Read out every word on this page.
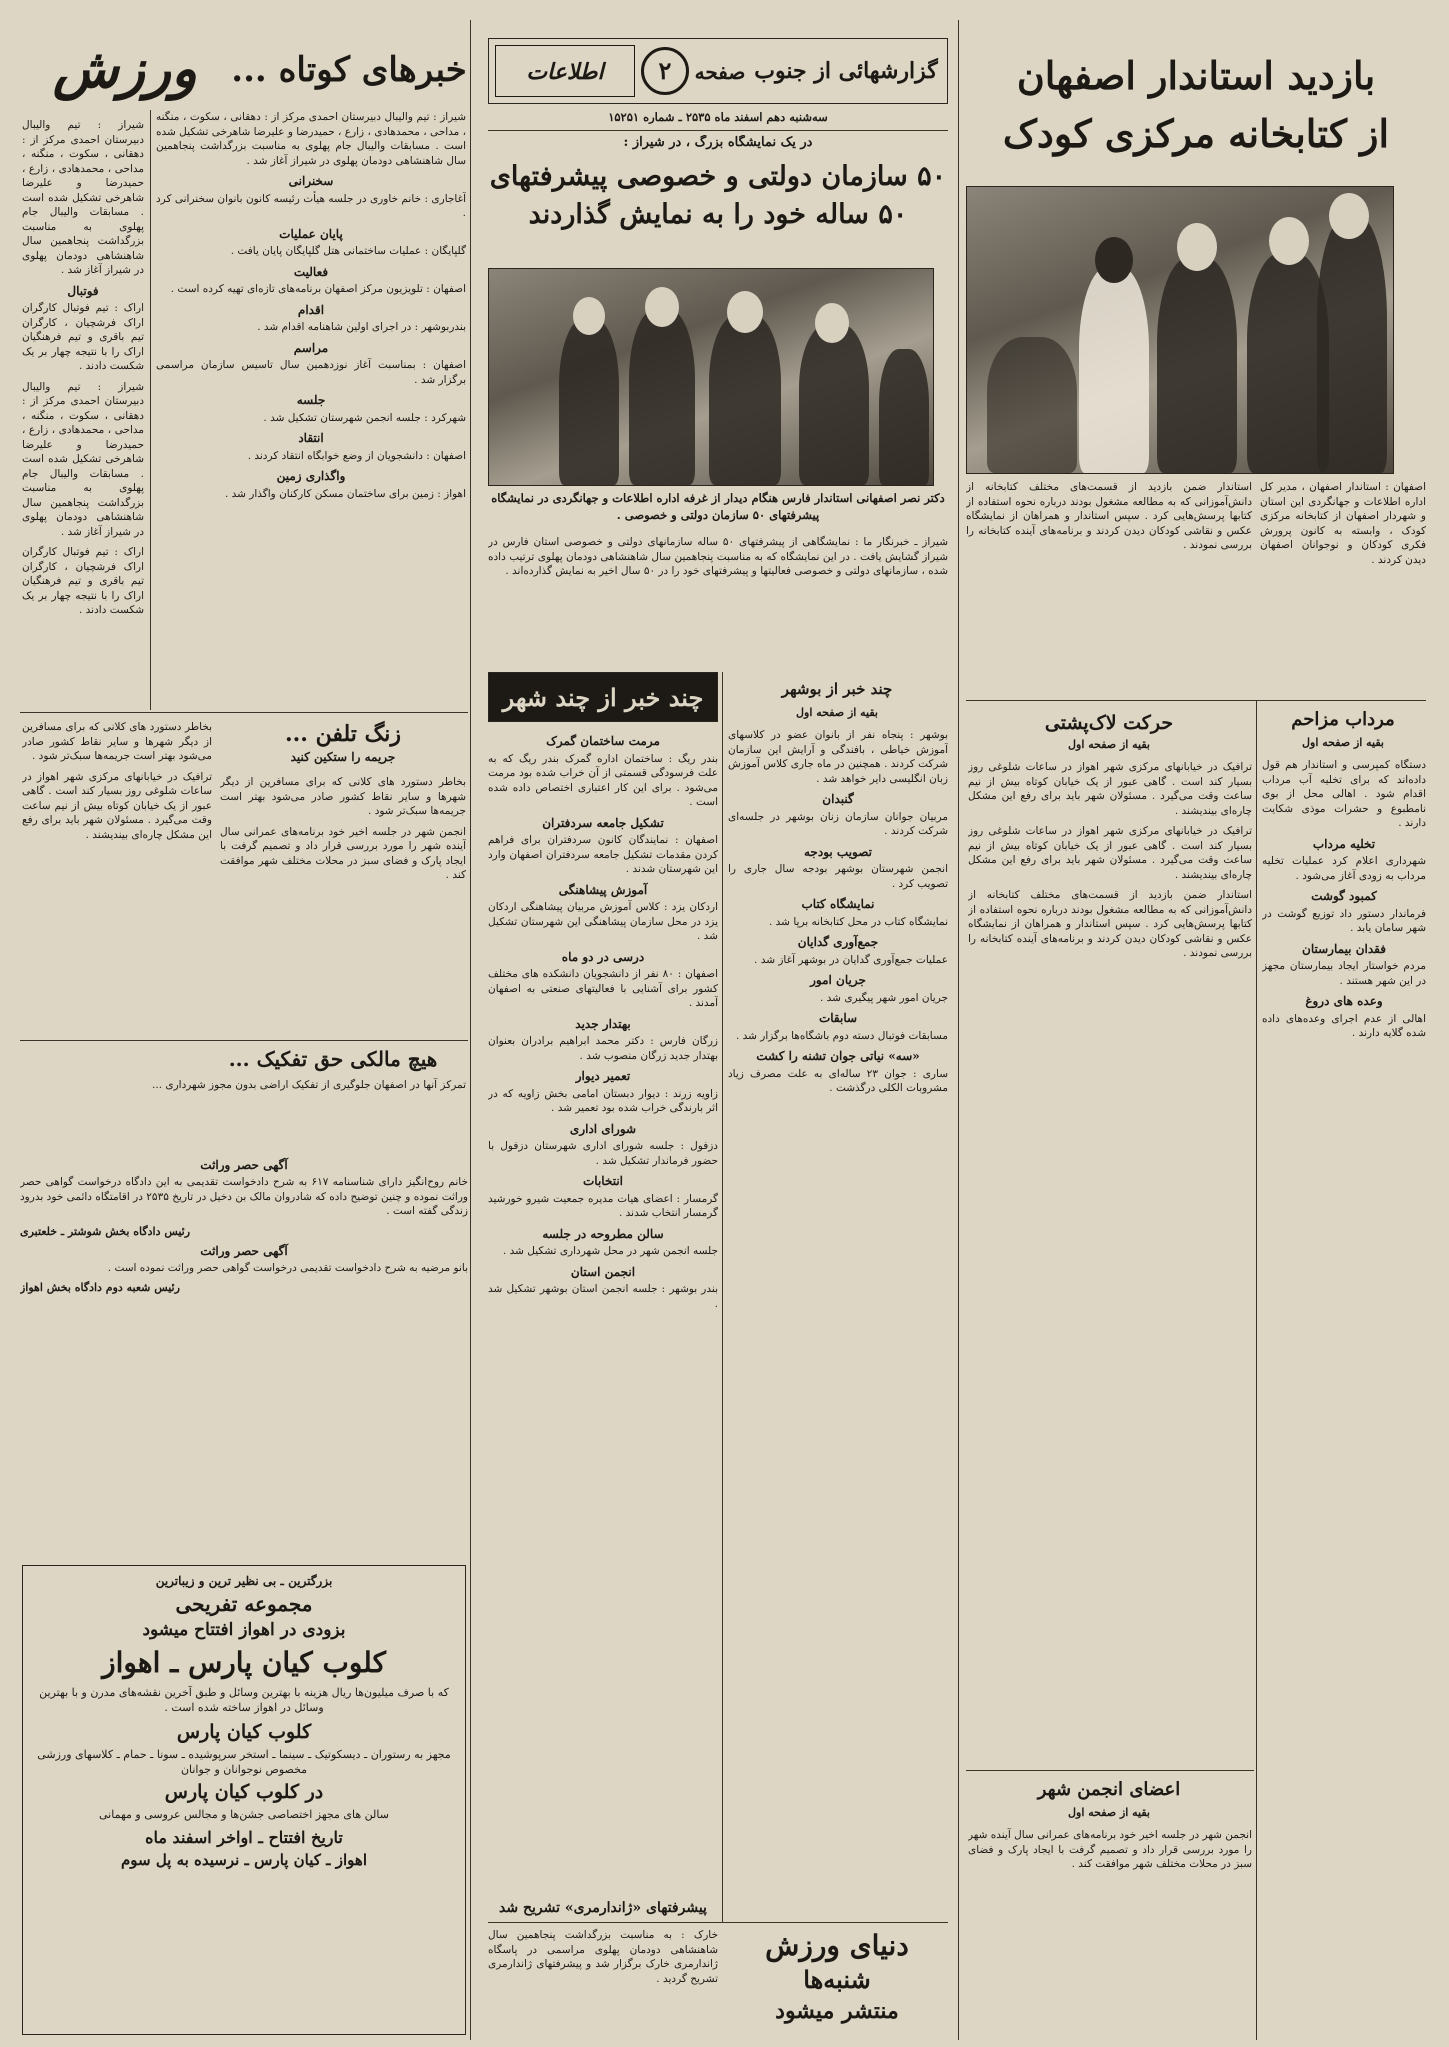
ورزش	خبرهای کوتاه ...

شیراز : تیم والیبال دبیرستان احمدی مرکز از : دهقانی ، سکوت ، منگنه ، مداحی ، محمدهادی ، زارع ، حمیدرضا و علیرضا شاهرخی تشکیل شده است . مسابقات والیبال جام پهلوی به مناسبت بزرگداشت پنجاهمین سال شاهنشاهی دودمان پهلوی در شیراز آغاز شد .

فوتبال

اراک : تیم فوتبال کارگران اراک فرشچیان ، کارگران تیم باقری و تیم فرهنگیان اراک را با نتیجه چهار بر یک شکست دادند .

شیراز : تیم والیبال دبیرستان احمدی مرکز از : دهقانی ، سکوت ، منگنه ، مداحی ، محمدهادی ، زارع ، حمیدرضا و علیرضا شاهرخی تشکیل شده است . مسابقات والیبال جام پهلوی به مناسبت بزرگداشت پنجاهمین سال شاهنشاهی دودمان پهلوی در شیراز آغاز شد .

اراک : تیم فوتبال کارگران اراک فرشچیان ، کارگران تیم باقری و تیم فرهنگیان اراک را با نتیجه چهار بر یک شکست دادند .

شیراز : تیم والیبال دبیرستان احمدی مرکز از : دهقانی ، سکوت ، منگنه ، مداحی ، محمدهادی ، زارع ، حمیدرضا و علیرضا شاهرخی تشکیل شده است . مسابقات والیبال جام پهلوی به مناسبت بزرگداشت پنجاهمین سال شاهنشاهی دودمان پهلوی در شیراز آغاز شد .

سخنرانی

آغاجاری : خانم خاوری در جلسه هیأت رئیسه کانون بانوان سخنرانی کرد .

پایان عملیات

گلپایگان : عملیات ساختمانی هتل گلپایگان پایان یافت .

فعالیت

اصفهان : تلویزیون مرکز اصفهان برنامه‌های تازه‌ای تهیه کرده است .

اقدام

بندربوشهر : در اجرای اولین شاهنامه اقدام شد .

مراسم

اصفهان : بمناسبت آغاز نوزدهمین سال تاسیس سازمان مراسمی برگزار شد .

جلسه

شهرکرد : جلسه انجمن شهرستان تشکیل شد .

انتقاد

اصفهان : دانشجویان از وضع خوابگاه انتقاد کردند .

واگذاری زمین

اهواز : زمین برای ساختمان مسکن کارکنان واگذار شد .

زنگ تلفن ...
جریمه را ستکین کنید

بخاطر دستورد های کلانی که برای مسافرین از دیگر شهرها و سایر نقاط کشور صادر می‌شود بهتر است جریمه‌ها سبک‌تر شود .

ترافیک در خیابانهای مرکزی شهر اهواز در ساعات شلوغی روز بسیار کند است . گاهی عبور از یک خیابان کوتاه بیش از نیم ساعت وقت می‌گیرد . مسئولان شهر باید برای رفع این مشکل چاره‌ای بیندیشند .

بخاطر دستورد های کلانی که برای مسافرین از دیگر شهرها و سایر نقاط کشور صادر می‌شود بهتر است جریمه‌ها سبک‌تر شود .

انجمن شهر در جلسه اخیر خود برنامه‌های عمرانی سال آینده شهر را مورد بررسی قرار داد و تصمیم گرفت با ایجاد پارک و فضای سبز در محلات مختلف شهر موافقت کند .

هیچ مالکی حق تفکیک ...

تمرکز آنها در اصفهان جلوگیری از تفکیک اراضی بدون مجوز شهرداری ...

آگهی حصر وراثت

خانم روح‌انگیز دارای شناسنامه ۶۱۷ به شرح دادخواست تقدیمی به این دادگاه درخواست گواهی حصر وراثت نموده و چنین توضیح داده که شادروان مالک بن دخیل در تاریخ ۲۵۳۵ در اقامتگاه دائمی خود بدرود زندگی گفته است .

رئیس دادگاه بخش شوشتر ـ خلعتبری
آگهی حصر وراثت

بانو مرضیه به شرح دادخواست تقدیمی درخواست گواهی حصر وراثت نموده است .

رئیس شعبه دوم دادگاه بخش اهواز
بزرگترین ـ بی نظیر ترین و زیباترین
مجموعه تفریحی
بزودی در اهواز افتتاح میشود
کلوب کیان پارس ـ اهواز
که با صرف میلیون‌ها ریال هزینه با بهترین وسائل و طبق آخرین نقشه‌های مدرن و با بهترین وسائل در اهواز ساخته شده است .
کلوب کیان پارس
مجهز به رستوران ـ دیسکوتیک ـ سینما ـ استخر سرپوشیده ـ سونا ـ حمام ـ کلاسهای ورزشی مخصوص نوجوانان و جوانان
در کلوب کیان پارس
سالن های مجهز اختصاصی جشن‌ها و مجالس عروسی و مهمانی
تاریخ افتتاح ـ اواخر اسفند ماه
اهواز ـ کیان پارس ـ نرسیده به پل سوم
گزارشهائی از جنوب
صفحه
۲
اطلاعات
سه‌شنبه دهم اسفند ماه ۲۵۳۵ ـ شماره ۱۵۲۵۱
در یک نمایشگاه بزرگ ، در شیراز :
۵۰ سازمان دولتی و خصوصی پیشرفتهای
۵۰ ساله خود را به نمایش گذاردند
دکتر نصر اصفهانی استاندار فارس هنگام دیدار از غرفه اداره اطلاعات و جهانگردی در نمایشگاه پیشرفتهای ۵۰ سازمان دولتی و خصوصی .

شیراز ـ خبرنگار ما : نمایشگاهی از پیشرفتهای ۵۰ ساله سازمانهای دولتی و خصوصی استان فارس در شیراز گشایش یافت . در این نمایشگاه که به مناسبت پنجاهمین سال شاهنشاهی دودمان پهلوی ترتیب داده شده ، سازمانهای دولتی و خصوصی فعالیتها و پیشرفتهای خود را در ۵۰ سال اخیر به نمایش گذارده‌اند .

چند خبر از چند شهر
مرمت ساختمان گمرک

بندر ریگ : ساختمان اداره گمرک بندر ریگ که به علت فرسودگی قسمتی از آن خراب شده بود مرمت می‌شود . برای این کار اعتباری اختصاص داده شده است .

تشکیل جامعه سردفتران

اصفهان : نمایندگان کانون سردفتران برای فراهم کردن مقدمات تشکیل جامعه سردفتران اصفهان وارد این شهرستان شدند .

آموزش پیشاهنگی

اردکان یزد : کلاس آموزش مربیان پیشاهنگی اردکان یزد در محل سازمان پیشاهنگی این شهرستان تشکیل شد .

درسی در دو ماه

اصفهان : ۸۰ نفر از دانشجویان دانشکده های مختلف کشور برای آشنایی با فعالیتهای صنعتی به اصفهان آمدند .

بهتدار جدید

زرگان فارس : دکتر محمد ابراهیم برادران بعنوان بهتدار جدید زرگان منصوب شد .

تعمیر دیوار

زاویه زرند : دیوار دبستان امامی بخش زاویه که در اثر بارندگی خراب شده بود تعمیر شد .

شورای اداری

دزفول : جلسه شورای اداری شهرستان دزفول با حضور فرماندار تشکیل شد .

انتخابات

گرمسار : اعضای هیات مدیره جمعیت شیرو خورشید گرمسار انتخاب شدند .

سالن مطروحه در جلسه

جلسه انجمن شهر در محل شهرداری تشکیل شد .

انجمن استان

بندر بوشهر : جلسه انجمن استان بوشهر تشکیل شد .

چند خبر از بوشهر
بقیه از صفحه اول

بوشهر : پنجاه نفر از بانوان عضو در کلاسهای آموزش خیاطی ، بافندگی و آرایش این سازمان شرکت کردند . همچنین در ماه جاری کلاس آموزش زبان انگلیسی دایر خواهد شد .

گنبدان

مربیان جوانان سازمان زنان بوشهر در جلسه‌ای شرکت کردند .

تصویب بودجه

انجمن شهرستان بوشهر بودجه سال جاری را تصویب کرد .

نمایشگاه کتاب

نمایشگاه کتاب در محل کتابخانه برپا شد .

جمع‌آوری گدایان

عملیات جمع‌آوری گدایان در بوشهر آغاز شد .

جریان امور

جریان امور شهر پیگیری شد .

سابقات

مسابقات فوتبال دسته دوم باشگاه‌ها برگزار شد .

«سه» نیاتی جوان تشنه را کشت

ساری : جوان ۲۳ ساله‌ای به علت مصرف زیاد مشروبات الکلی درگذشت .

پیشرفتهای «ژاندارمری» تشریح شد

خارک : به مناسبت بزرگداشت پنجاهمین سال شاهنشاهی دودمان پهلوی مراسمی در پاسگاه ژاندارمری خارک برگزار شد و پیشرفتهای ژاندارمری تشریح گردید .

دنیای ورزش
شنبه‌ها
منتشر میشود
بازدید استاندار اصفهان
از کتابخانه مرکزی کودک

اصفهان : استاندار اصفهان ، مدیر کل اداره اطلاعات و جهانگردی این استان و شهردار اصفهان از کتابخانه مرکزی کودک ، وابسته به کانون پرورش فکری کودکان و نوجوانان اصفهان دیدن کردند .

استاندار ضمن بازدید از قسمت‌های مختلف کتابخانه از دانش‌آموزانی که به مطالعه مشغول بودند درباره نحوه استفاده از کتابها پرسش‌هایی کرد . سپس استاندار و همراهان از نمایشگاه عکس و نقاشی کودکان دیدن کردند و برنامه‌های آینده کتابخانه را بررسی نمودند .

مرداب مزاحم
بقیه از صفحه اول

دستگاه کمپرسی و استاندار هم قول داده‌اند که برای تخلیه آب مرداب اقدام شود . اهالی محل از بوی نامطبوع و حشرات موذی شکایت دارند .

تخلیه مرداب

شهرداری اعلام کرد عملیات تخلیه مرداب به زودی آغاز می‌شود .

کمبود گوشت

فرماندار دستور داد توزیع گوشت در شهر سامان یابد .

فقدان بیمارستان

مردم خواستار ایجاد بیمارستان مجهز در این شهر هستند .

وعده های دروغ

اهالی از عدم اجرای وعده‌های داده شده گلایه دارند .

حرکت لاک‌پشتی
بقیه از صفحه اول

ترافیک در خیابانهای مرکزی شهر اهواز در ساعات شلوغی روز بسیار کند است . گاهی عبور از یک خیابان کوتاه بیش از نیم ساعت وقت می‌گیرد . مسئولان شهر باید برای رفع این مشکل چاره‌ای بیندیشند .

ترافیک در خیابانهای مرکزی شهر اهواز در ساعات شلوغی روز بسیار کند است . گاهی عبور از یک خیابان کوتاه بیش از نیم ساعت وقت می‌گیرد . مسئولان شهر باید برای رفع این مشکل چاره‌ای بیندیشند .

استاندار ضمن بازدید از قسمت‌های مختلف کتابخانه از دانش‌آموزانی که به مطالعه مشغول بودند درباره نحوه استفاده از کتابها پرسش‌هایی کرد . سپس استاندار و همراهان از نمایشگاه عکس و نقاشی کودکان دیدن کردند و برنامه‌های آینده کتابخانه را بررسی نمودند .

اعضای انجمن شهر
بقیه از صفحه اول

انجمن شهر در جلسه اخیر خود برنامه‌های عمرانی سال آینده شهر را مورد بررسی قرار داد و تصمیم گرفت با ایجاد پارک و فضای سبز در محلات مختلف شهر موافقت کند .
